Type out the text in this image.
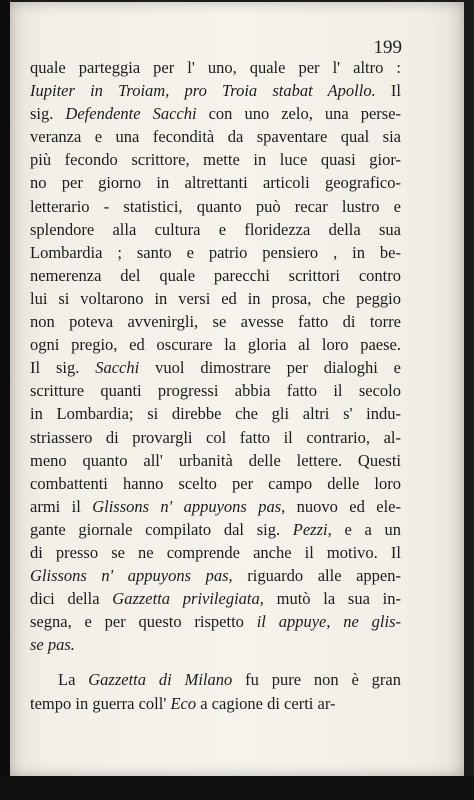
199
quale parteggia per l' uno, quale per l' altro :
Iupiter in Troiam, pro Troia stabat Apollo. Il
sig. Defendente Sacchi con uno zelo, una perse-
veranza e una fecondità da spaventare qual sia
più fecondo scrittore, mette in luce quasi gior-
no per giorno in altrettanti articoli geografico-
letterario - statistici, quanto può recar lustro e
splendore alla cultura e floridezza della sua
Lombardia ; santo e patrio pensiero , in be-
nemerenza del quale parecchi scrittori contro
lui si voltarono in versi ed in prosa, che peggio
non poteva avvenirgli, se avesse fatto di torre
ogni pregio, ed oscurare la gloria al loro paese.
Il sig. Sacchi vuol dimostrare per dialoghi e
scritture quanti progressi abbia fatto il secolo
in Lombardia; si direbbe che gli altri s' indu-
striassero di provargli col fatto il contrario, al-
meno quanto all' urbanità delle lettere. Questi
combattenti hanno scelto per campo delle loro
armi il Glissons n' appuyons pas, nuovo ed ele-
gante giornale compilato dal sig. Pezzi, e a un
di presso se ne comprende anche il motivo. Il
Glissons n' appuyons pas, riguardo alle appen-
dici della Gazzetta privilegiata, mutò la sua in-
segna, e per questo rispetto il appuye, ne glis-
se pas.
La Gazzetta di Milano fu pure non è gran
tempo in guerra coll' Eco a cagione di certi ar-
